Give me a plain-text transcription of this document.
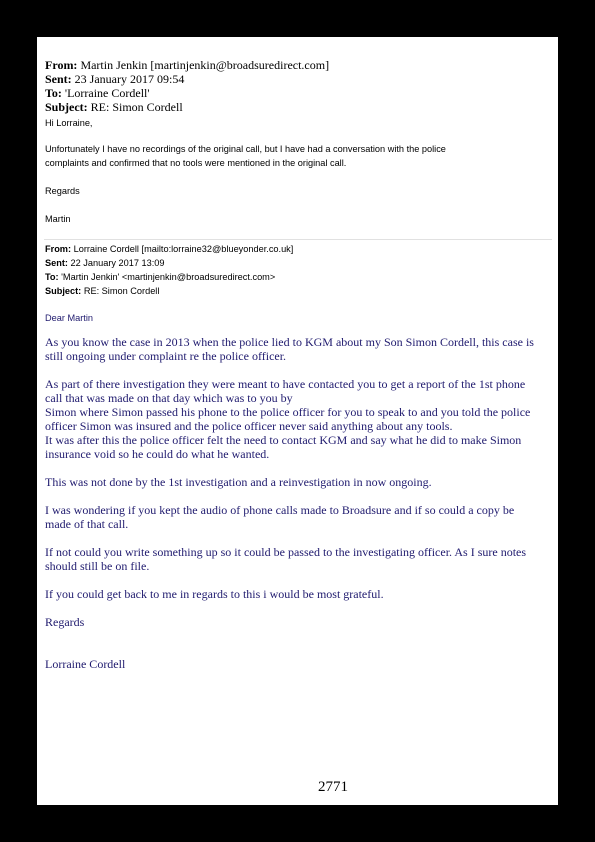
From: Martin Jenkin [martinjenkin@broadsuredirect.com]
Sent: 23 January 2017 09:54
To: 'Lorraine Cordell'
Subject: RE: Simon Cordell
Hi Lorraine,
Unfortunately I have no recordings of the original call, but I have had a conversation with the police
complaints and confirmed that no tools were mentioned in the original call.
Regards
Martin
From: Lorraine Cordell [mailto:lorraine32@blueyonder.co.uk]
Sent: 22 January 2017 13:09
To: 'Martin Jenkin' <martinjenkin@broadsuredirect.com>
Subject: RE: Simon Cordell
Dear Martin
As you know the case in 2013 when the police lied to KGM about my Son Simon Cordell, this case is
still ongoing under complaint re the police officer.
As part of there investigation they were meant to have contacted you to get a report of the 1st phone
call that was made on that day which was to you by
Simon where Simon passed his phone to the police officer for you to speak to and you told the police
officer Simon was insured and the police officer never said anything about any tools.
It was after this the police officer felt the need to contact KGM and say what he did to make Simon
insurance void so he could do what he wanted.
This was not done by the 1st investigation and a reinvestigation in now ongoing.
I was wondering if you kept the audio of phone calls made to Broadsure and if so could a copy be
made of that call.
If not could you write something up so it could be passed to the investigating officer. As I sure notes
should still be on file.
If you could get back to me in regards to this i would be most grateful.
Regards
Lorraine Cordell
2771
